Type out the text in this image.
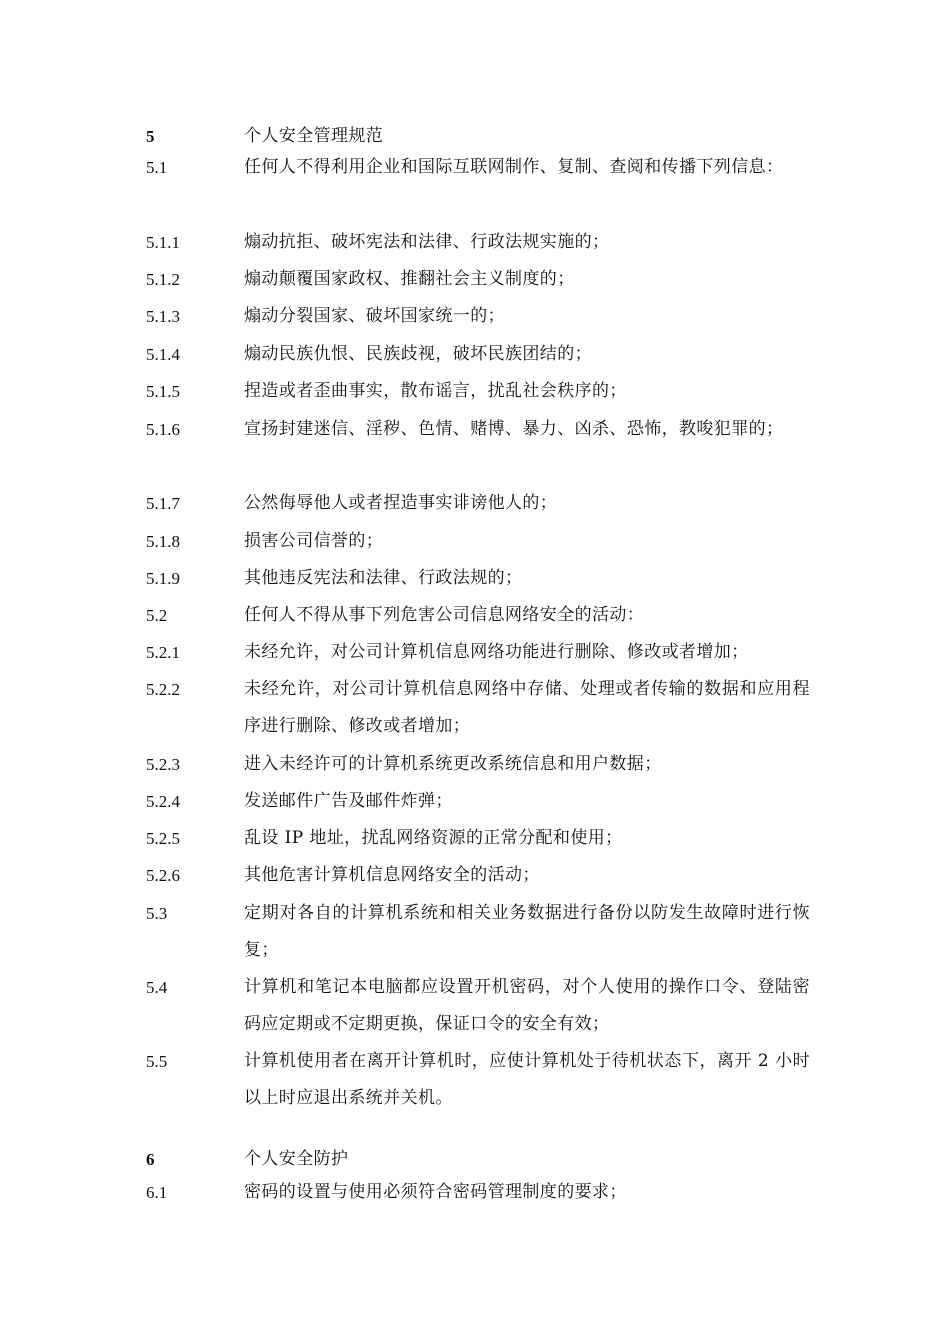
5	个人安全管理规范
5.1	任何人不得利用企业和国际互联网制作、复制、查阅和传播下列信息：
5.1.1	煽动抗拒、破坏宪法和法律、行政法规实施的；
5.1.2	煽动颠覆国家政权、推翻社会主义制度的；
5.1.3	煽动分裂国家、破坏国家统一的；
5.1.4	煽动民族仇恨、民族歧视，破坏民族团结的；
5.1.5	捏造或者歪曲事实，散布谣言，扰乱社会秩序的；
5.1.6	宣扬封建迷信、淫秽、色情、赌博、暴力、凶杀、恐怖，教唆犯罪的；
5.1.7	公然侮辱他人或者捏造事实诽谤他人的；
5.1.8	损害公司信誉的；
5.1.9	其他违反宪法和法律、行政法规的；
5.2	任何人不得从事下列危害公司信息网络安全的活动：
5.2.1	未经允许，对公司计算机信息网络功能进行删除、修改或者增加；
5.2.2	未经允许，对公司计算机信息网络中存储、处理或者传输的数据和应用程序进行删除、修改或者增加；
5.2.3	进入未经许可的计算机系统更改系统信息和用户数据；
5.2.4	发送邮件广告及邮件炸弹；
5.2.5	乱设 IP 地址，扰乱网络资源的正常分配和使用；
5.2.6	其他危害计算机信息网络安全的活动；
5.3	定期对各自的计算机系统和相关业务数据进行备份以防发生故障时进行恢复；
5.4	计算机和笔记本电脑都应设置开机密码，对个人使用的操作口令、登陆密码应定期或不定期更换，保证口令的安全有效；
5.5	计算机使用者在离开计算机时，应使计算机处于待机状态下，离开 2 小时以上时应退出系统并关机。
6	个人安全防护
6.1	密码的设置与使用必须符合密码管理制度的要求；
